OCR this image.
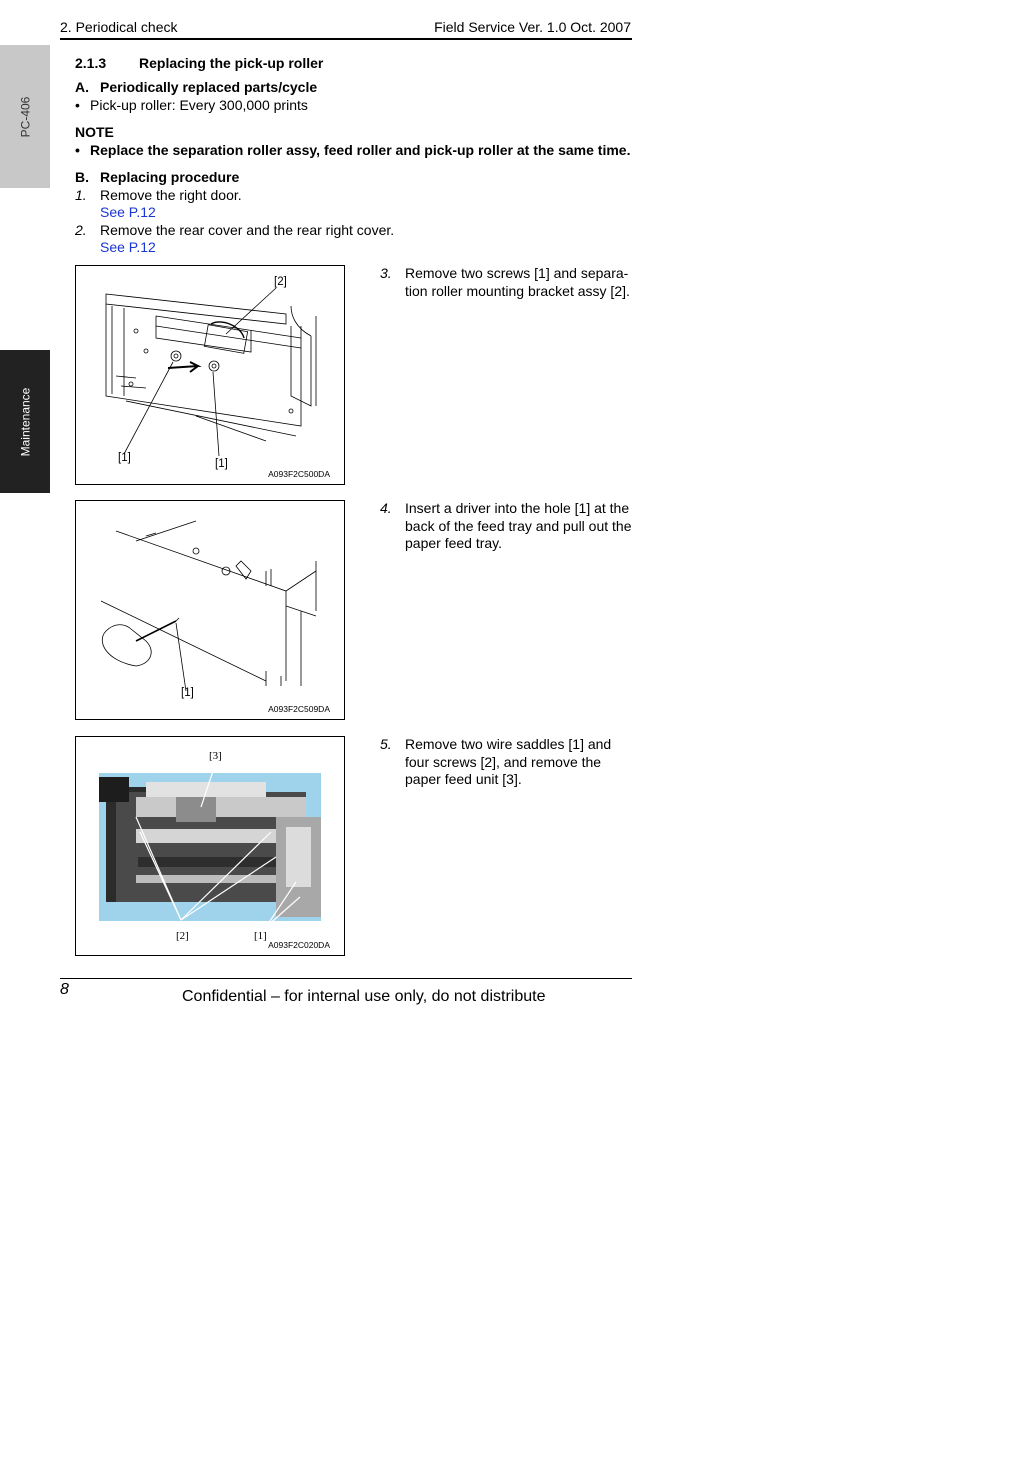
2. Periodical check	Field Service Ver. 1.0 Oct. 2007
PC-406
Maintenance
2.1.3 Replacing the pick-up roller
A. Periodically replaced parts/cycle
• Pick-up roller: Every 300,000 prints
NOTE
• Replace the separation roller assy, feed roller and pick-up roller at the same time.
B. Replacing procedure
1. Remove the right door.
See P.12
2. Remove the rear cover and the rear right cover.
See P.12
[2]
[1]	[1]
A093F2C500DA
3. Remove two screws [1] and separa-tion roller mounting bracket assy [2].
[1]
A093F2C509DA
4. Insert a driver into the hole [1] at the back of the feed tray and pull out the paper feed tray.
[3]
[2]	[1]
A093F2C020DA
5. Remove two wire saddles [1] and four screws [2], and remove the paper feed unit [3].
8	Confidential – for internal use only, do not distribute
